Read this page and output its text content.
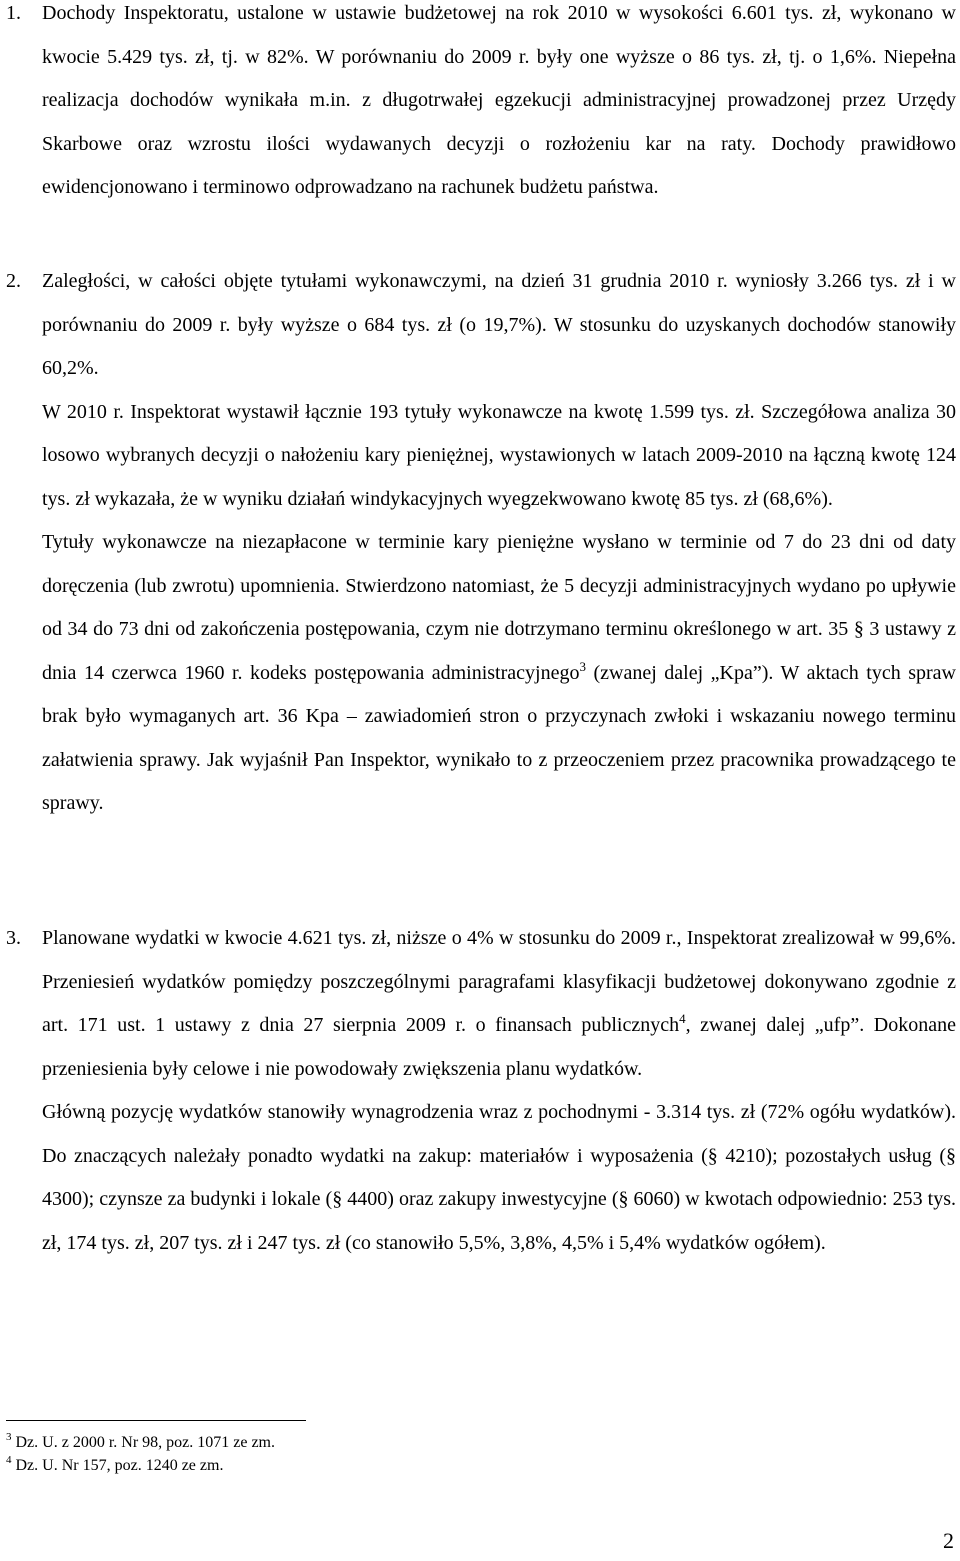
1.	Dochody Inspektoratu, ustalone w ustawie budżetowej na rok 2010 w wysokości 6.601 tys. zł, wykonano w kwocie 5.429 tys. zł, tj. w 82%. W porównaniu do 2009 r. były one wyższe o 86 tys. zł, tj. o 1,6%. Niepełna realizacja dochodów wynikała m.in. z długotrwałej egzekucji administracyjnej prowadzonej przez Urzędy Skarbowe oraz wzrostu ilości wydawanych decyzji o rozłożeniu kar na raty. Dochody prawidłowo ewidencjonowano i terminowo odprowadzano na rachunek budżetu państwa.

2.	Zaległości, w całości objęte tytułami wykonawczymi, na dzień 31 grudnia 2010 r. wyniosły 3.266 tys. zł i w porównaniu do 2009 r. były wyższe o 684 tys. zł (o 19,7%). W stosunku do uzyskanych dochodów stanowiły 60,2%.

W 2010 r. Inspektorat wystawił łącznie 193 tytuły wykonawcze na kwotę 1.599 tys. zł. Szczegółowa analiza 30 losowo wybranych decyzji o nałożeniu kary pieniężnej, wystawionych w latach 2009-2010 na łączną kwotę 124 tys. zł wykazała, że w wyniku działań windykacyjnych wyegzekwowano kwotę 85 tys. zł (68,6%).

Tytuły wykonawcze na niezapłacone w terminie kary pieniężne wysłano w terminie od 7 do 23 dni od daty doręczenia (lub zwrotu) upomnienia. Stwierdzono natomiast, że 5 decyzji administracyjnych wydano po upływie od 34 do 73 dni od zakończenia postępowania, czym nie dotrzymano terminu określonego w art. 35 § 3 ustawy z dnia 14 czerwca 1960 r. kodeks postępowania administracyjnego$^3$ (zwanej dalej „Kpa”). W aktach tych spraw brak było wymaganych art. 36 Kpa – zawiadomień stron o przyczynach zwłoki i wskazaniu nowego terminu załatwienia sprawy. Jak wyjaśnił Pan Inspektor, wynikało to z przeoczeniem przez pracownika prowadzącego te sprawy.

3.	Planowane wydatki w kwocie 4.621 tys. zł, niższe o 4% w stosunku do 2009 r., Inspektorat zrealizował w 99,6%. Przeniesień wydatków pomiędzy poszczególnymi paragrafami klasyfikacji budżetowej dokonywano zgodnie z art. 171 ust. 1 ustawy z dnia 27 sierpnia 2009 r. o finansach publicznych$^4$, zwanej dalej „ufp”. Dokonane przeniesienia były celowe i nie powodowały zwiększenia planu wydatków.

Główną pozycję wydatków stanowiły wynagrodzenia wraz z pochodnymi - 3.314 tys. zł (72% ogółu wydatków). Do znaczących należały ponadto wydatki na zakup: materiałów i wyposażenia (§ 4210); pozostałych usług (§ 4300); czynsze za budynki i lokale (§ 4400) oraz zakupy inwestycyjne (§ 6060) w kwotach odpowiednio: 253 tys. zł, 174 tys. zł, 207 tys. zł i 247 tys. zł (co stanowiło 5,5%, 3,8%, 4,5% i 5,4% wydatków ogółem).

$^3$ Dz. U. z 2000 r. Nr 98, poz. 1071 ze zm.
$^4$ Dz. U. Nr 157, poz. 1240 ze zm.
2
